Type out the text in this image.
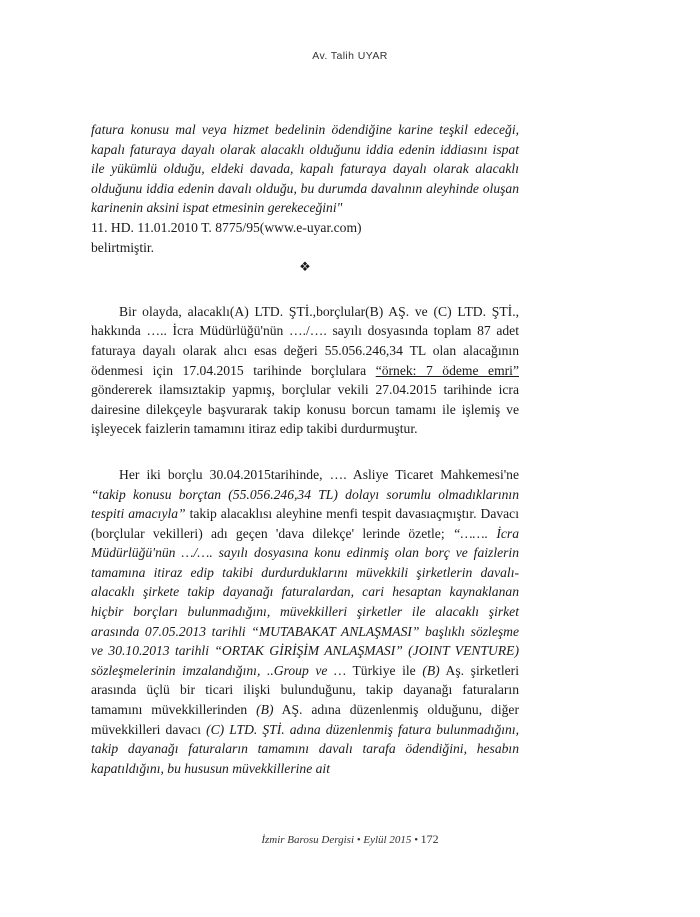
Av. Talih UYAR

fatura konusu mal veya hizmet bedelinin ödendiğine karine teşkil edeceği, kapalı faturaya dayalı olarak alacaklı olduğunu iddia edenin iddiasını ispat ile yükümlü olduğu, eldeki davada, kapalı faturaya dayalı olarak alacaklı olduğunu iddia edenin davalı olduğu, bu durumda davalının aleyhinde oluşan karinenin aksini ispat etmesinin gerekeceğini"

11. HD. 11.01.2010 T. 8775/95(www.e-uyar.com)

belirtmiştir.

❖

Bir olayda, alacaklı(A) LTD. ŞTİ.,borçlular(B) AŞ. ve (C) LTD. ŞTİ., hakkında ….. İcra Müdürlüğü'nün …./…. sayılı dosyasında toplam 87 adet faturaya dayalı olarak alıcı esas değeri 55.056.246,34 TL olan alacağının ödenmesi için 17.04.2015 tarihinde borçlulara “örnek: 7 ödeme emri” göndererek ilamsıztakip yapmış, borçlular vekili 27.04.2015 tarihinde icra dairesine dilekçeyle başvurarak takip konusu borcun tamamı ile işlemiş ve işleyecek faizlerin tamamını itiraz edip takibi durdurmuştur.

Her iki borçlu 30.04.2015tarihinde, …. Asliye Ticaret Mahkemesi'ne “takip konusu borçtan (55.056.246,34 TL) dolayı sorumlu olmadıklarının tespiti amacıyla” takip alacaklısı aleyhine menfi tespit davasıaçmıştır. Davacı (borçlular vekilleri) adı geçen 'dava dilekçe' lerinde özetle; “……. İcra Müdürlüğü'nün …/…. sayılı dosyasına konu edinmiş olan borç ve faizlerin tamamına itiraz edip takibi durdurduklarını müvekkili şirketlerin davalı-alacaklı şirkete takip dayanağı faturalardan, cari hesaptan kaynaklanan hiçbir borçları bulunmadığını, müvekkilleri şirketler ile alacaklı şirket arasında 07.05.2013 tarihli “MUTABAKAT ANLAŞMASI” başlıklı sözleşme ve 30.10.2013 tarihli “ORTAK GİRİŞİM ANLAŞMASI” (JOINT VENTURE) sözleşmelerinin imzalandığını, ..Group ve … Türkiye ile (B) Aş. şirketleri arasında üçlü bir ticari ilişki bulunduğunu, takip dayanağı faturaların tamamını müvekkillerinden (B) AŞ. adına düzenlenmiş olduğunu, diğer müvekkilleri davacı (C) LTD. ŞTİ. adına düzenlenmiş fatura bulunmadığını, takip dayanağı faturaların tamamını davalı tarafa ödendiğini, hesabın kapatıldığını, bu hususun müvekkillerine ait

İzmir Barosu Dergisi • Eylül 2015 • 172
